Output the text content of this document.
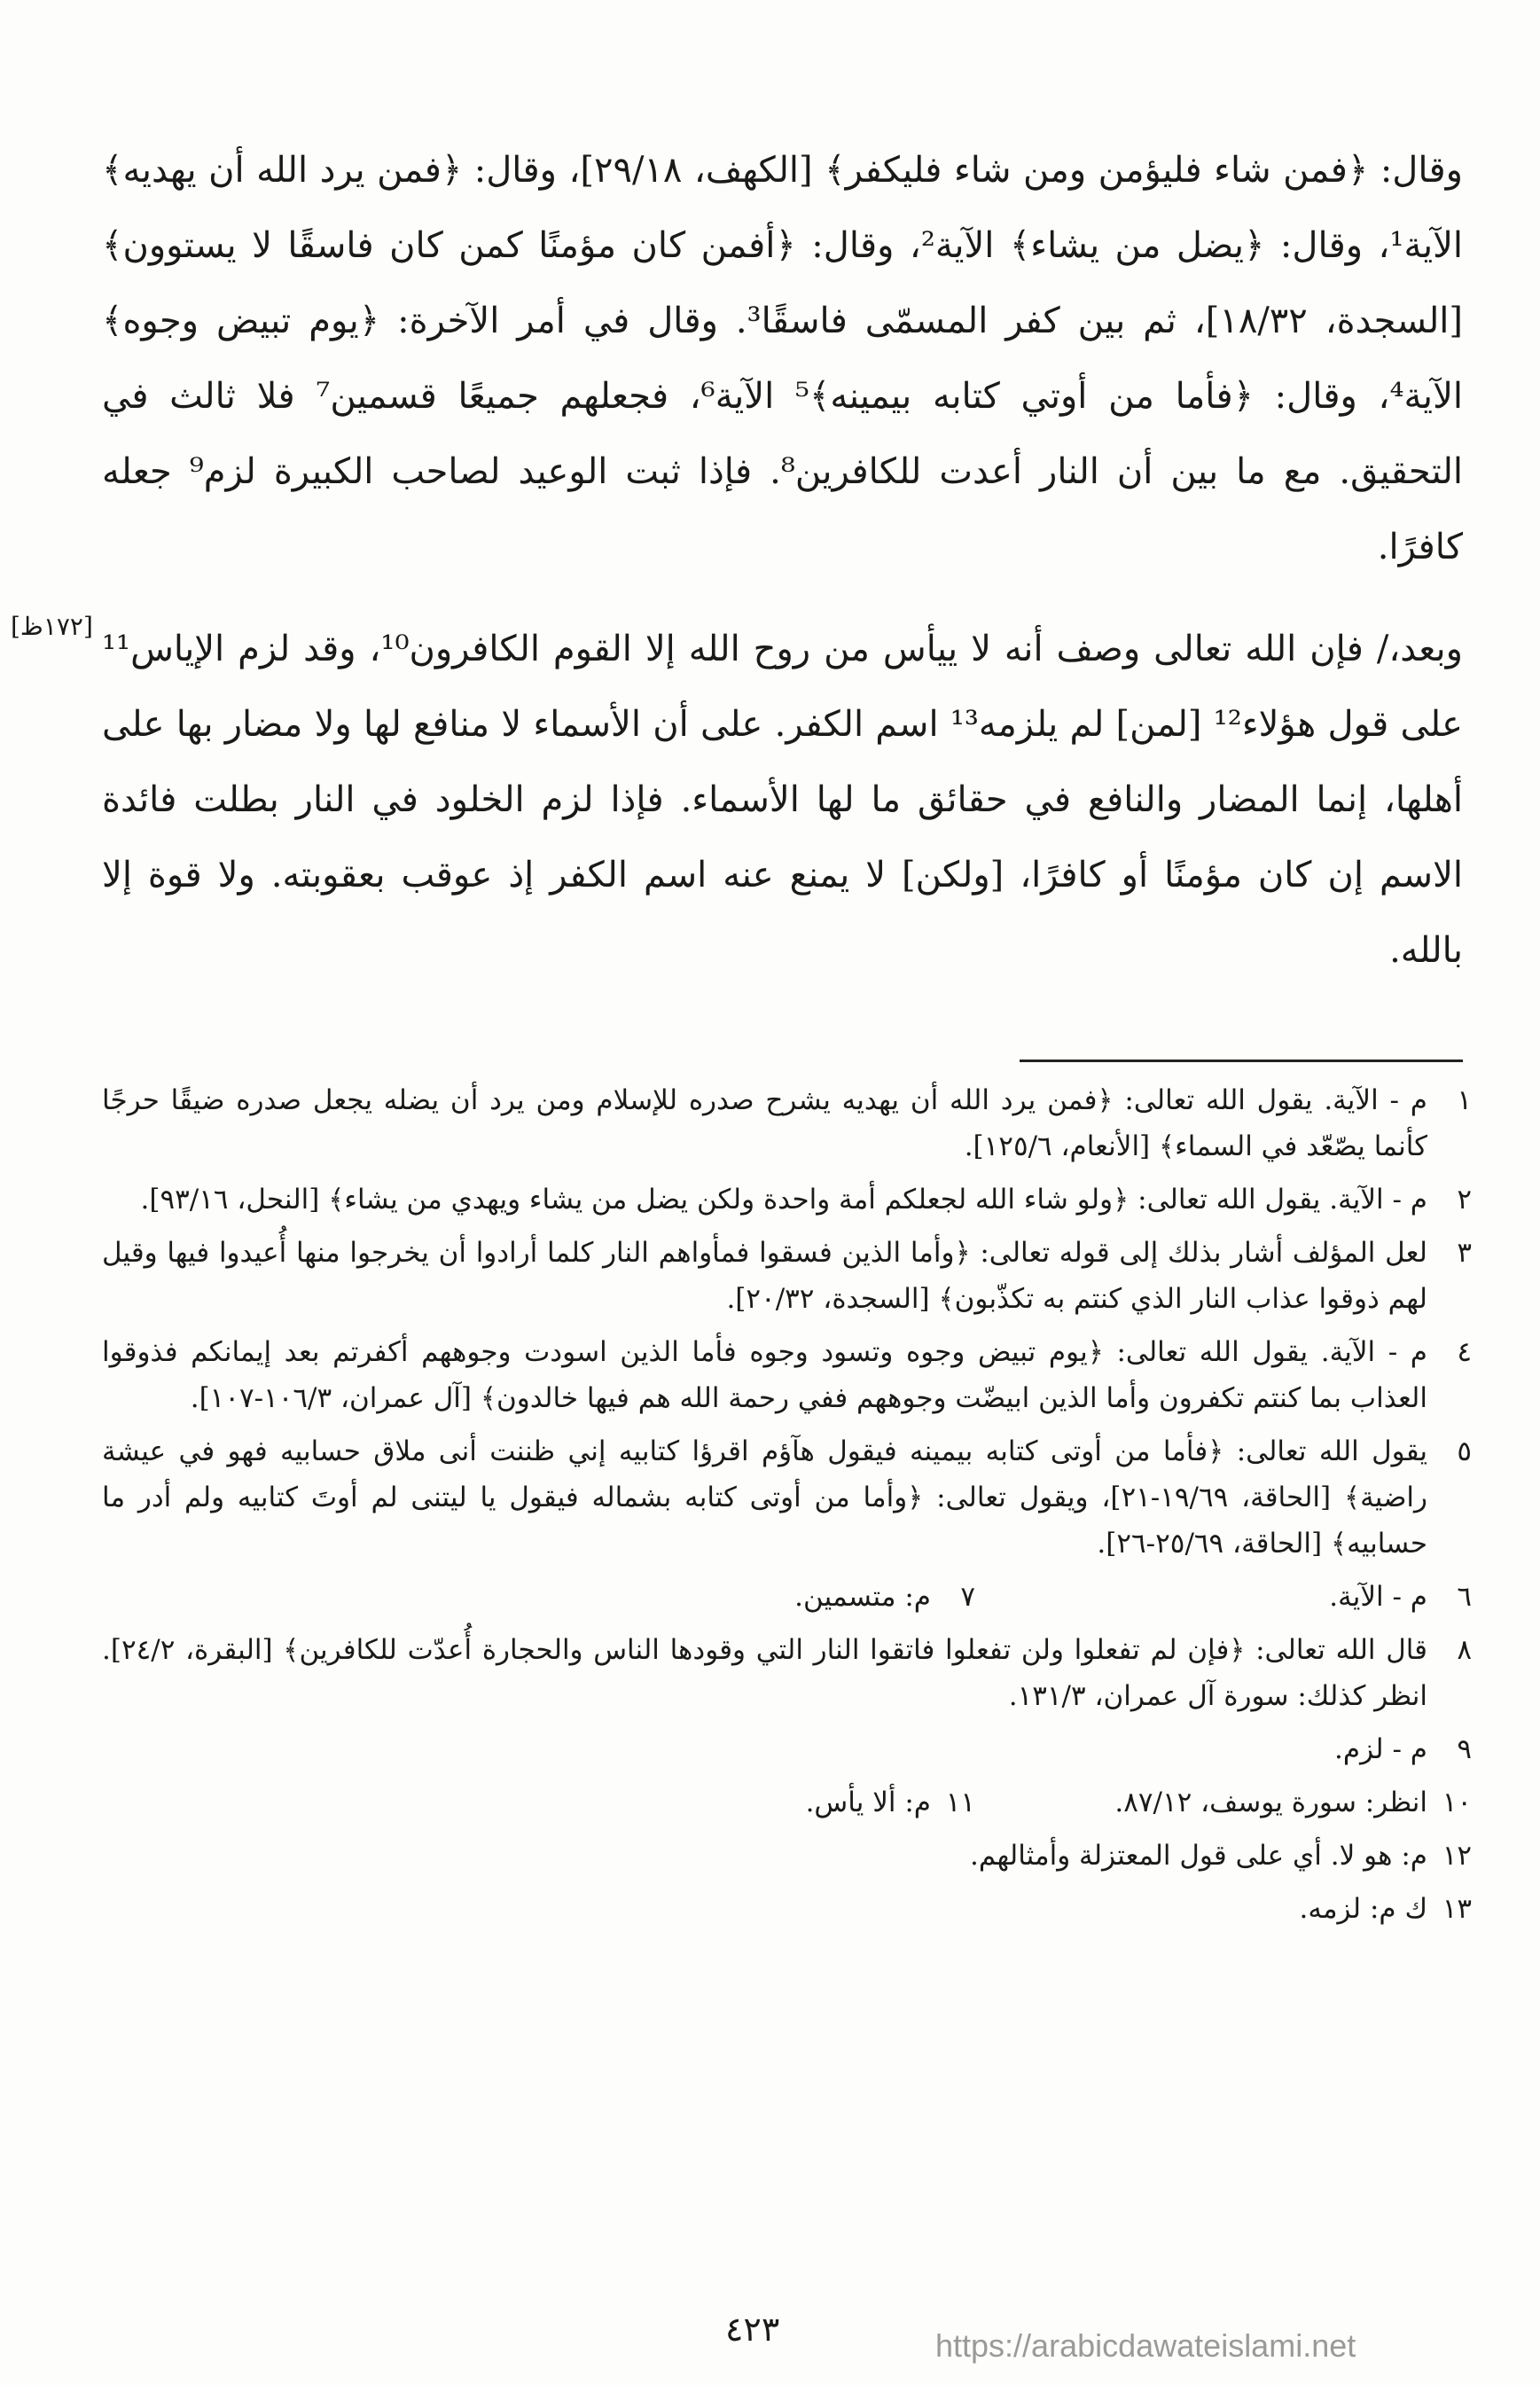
وقال: ﴿فمن شاء فليؤمن ومن شاء فليكفر﴾ [الكهف، ٢٩/١٨]، وقال: ﴿فمن يرد الله أن يهديه﴾ الآية¹، وقال: ﴿يضل من يشاء﴾ الآية²، وقال: ﴿أفمن كان مؤمنًا كمن كان فاسقًا لا يستوون﴾ [السجدة، ١٨/٣٢]، ثم بين كفر المسمّى فاسقًا³. وقال في أمر الآخرة: ﴿يوم تبيض وجوه﴾ الآية⁴، وقال: ﴿فأما من أوتي كتابه بيمينه﴾⁵ الآية⁶، فجعلهم جميعًا قسمين⁷ فلا ثالث في التحقيق. مع ما بين أن النار أعدت للكافرين⁸. فإذا ثبت الوعيد لصاحب الكبيرة لزم⁹ جعله كافرًا.

وبعد،/ فإن الله تعالى وصف أنه لا ييأس من روح الله إلا القوم الكافرون¹⁰، وقد لزم الإياس¹¹ على قول هؤلاء¹² [لمن] لم يلزمه¹³ اسم الكفر. على أن الأسماء لا منافع لها ولا مضار بها على أهلها، إنما المضار والنافع في حقائق ما لها الأسماء. فإذا لزم الخلود في النار بطلت فائدة الاسم إن كان مؤمنًا أو كافرًا، [ولكن] لا يمنع عنه اسم الكفر إذ عوقب بعقوبته. ولا قوة إلا بالله.

[١٧٢ظ]
١
م - الآية. يقول الله تعالى: ﴿فمن يرد الله أن يهديه يشرح صدره للإسلام ومن يرد أن يضله يجعل صدره ضيقًا حرجًا كأنما يصّعّد في السماء﴾ [الأنعام، ١٢٥/٦].
٢
م - الآية. يقول الله تعالى: ﴿ولو شاء الله لجعلكم أمة واحدة ولكن يضل من يشاء ويهدي من يشاء﴾ [النحل، ٩٣/١٦].
٣
لعل المؤلف أشار بذلك إلى قوله تعالى: ﴿وأما الذين فسقوا فمأواهم النار كلما أرادوا أن يخرجوا منها أُعيدوا فيها وقيل لهم ذوقوا عذاب النار الذي كنتم به تكذّبون﴾ [السجدة، ٢٠/٣٢].
٤
م - الآية. يقول الله تعالى: ﴿يوم تبيض وجوه وتسود وجوه فأما الذين اسودت وجوههم أكفرتم بعد إيمانكم فذوقوا العذاب بما كنتم تكفرون وأما الذين ابيضّت وجوههم ففي رحمة الله هم فيها خالدون﴾ [آل عمران، ١٠٦/٣-١٠٧].
٥
يقول الله تعالى: ﴿فأما من أوتى كتابه بيمينه فيقول هآؤم اقرؤا كتابيه إني ظننت أنى ملاق حسابيه فهو في عيشة راضية﴾ [الحاقة، ١٩/٦٩-٢١]، ويقول تعالى: ﴿وأما من أوتى كتابه بشماله فيقول يا ليتنى لم أوتَ كتابيه ولم أدر ما حسابيه﴾ [الحاقة، ٢٥/٦٩-٢٦].
٦
م - الآية.
٧
م: متسمين.
٨
قال الله تعالى: ﴿فإن لم تفعلوا ولن تفعلوا فاتقوا النار التي وقودها الناس والحجارة أُعدّت للكافرين﴾ [البقرة، ٢٤/٢]. انظر كذلك: سورة آل عمران، ١٣١/٣.
٩
م - لزم.
١٠
انظر: سورة يوسف، ٨٧/١٢.
١١
م: ألا يأس.
١٢
م: هو لا. أي على قول المعتزلة وأمثالهم.
١٣
ك م: لزمه.
٤٢٣	https://arabicdawateislami.net
